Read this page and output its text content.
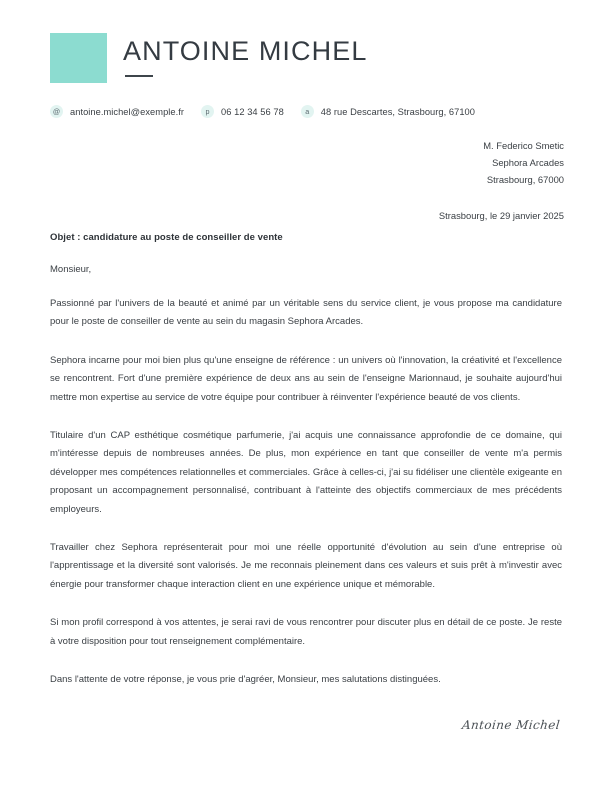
ANTOINE MICHEL
@	antoine.michel@exemple.fr	p	06 12 34 56 78	a	48 rue Descartes, Strasbourg, 67100
M. Federico Smetic
Sephora Arcades
Strasbourg, 67000
Strasbourg, le 29 janvier 2025
Objet : candidature au poste de conseiller de vente
Monsieur,

Passionné par l'univers de la beauté et animé par un véritable sens du service client, je vous propose ma candidature pour le poste de conseiller de vente au sein du magasin Sephora Arcades.

Sephora incarne pour moi bien plus qu'une enseigne de référence : un univers où l'innovation, la créativité et l'excellence se rencontrent. Fort d'une première expérience de deux ans au sein de l'enseigne Marionnaud, je souhaite aujourd'hui mettre mon expertise au service de votre équipe pour contribuer à réinventer l'expérience beauté de vos clients.

Titulaire d'un CAP esthétique cosmétique parfumerie, j'ai acquis une connaissance approfondie de ce domaine, qui m'intéresse depuis de nombreuses années. De plus, mon expérience en tant que conseiller de vente m'a permis développer mes compétences relationnelles et commerciales. Grâce à celles-ci, j'ai su fidéliser une clientèle exigeante en proposant un accompagnement personnalisé, contribuant à l'atteinte des objectifs commerciaux de mes précédents employeurs.

Travailler chez Sephora représenterait pour moi une réelle opportunité d'évolution au sein d'une entreprise où l'apprentissage et la diversité sont valorisés. Je me reconnais pleinement dans ces valeurs et suis prêt à m'investir avec énergie pour transformer chaque interaction client en une expérience unique et mémorable.

Si mon profil correspond à vos attentes, je serai ravi de vous rencontrer pour discuter plus en détail de ce poste. Je reste à votre disposition pour tout renseignement complémentaire.

Dans l'attente de votre réponse, je vous prie d'agréer, Monsieur, mes salutations distinguées.

Antoine Michel
